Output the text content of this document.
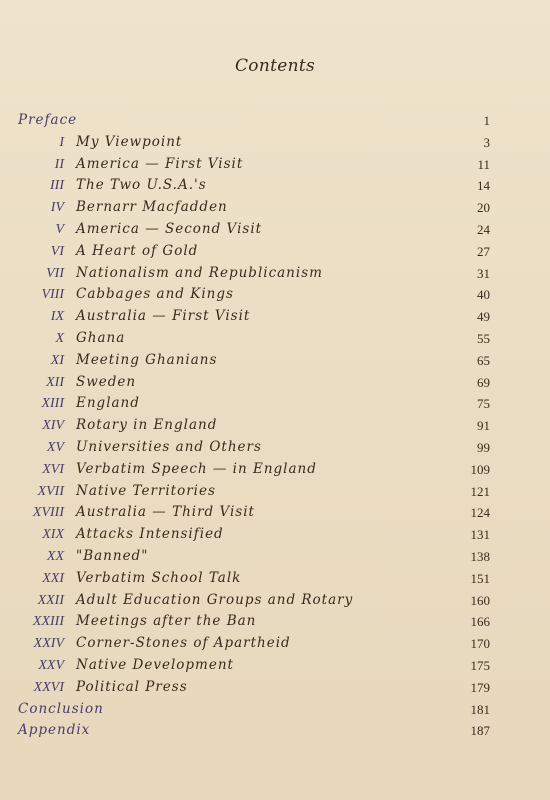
Contents
Preface	1
I My Viewpoint	3
II America — First Visit	11
III The Two U.S.A.'s	14
IV Bernarr Macfadden	20
V America — Second Visit	24
VI A Heart of Gold	27
VII Nationalism and Republicanism	31
VIII Cabbages and Kings	40
IX Australia — First Visit	49
X Ghana	55
XI Meeting Ghanians	65
XII Sweden	69
XIII England	75
XIV Rotary in England	91
XV Universities and Others	99
XVI Verbatim Speech — in England	109
XVII Native Territories	121
XVIII Australia — Third Visit	124
XIX Attacks Intensified	131
XX "Banned"	138
XXI Verbatim School Talk	151
XXII Adult Education Groups and Rotary	160
XXIII Meetings after the Ban	166
XXIV Corner-Stones of Apartheid	170
XXV Native Development	175
XXVI Political Press	179
Conclusion	181
Appendix	187
